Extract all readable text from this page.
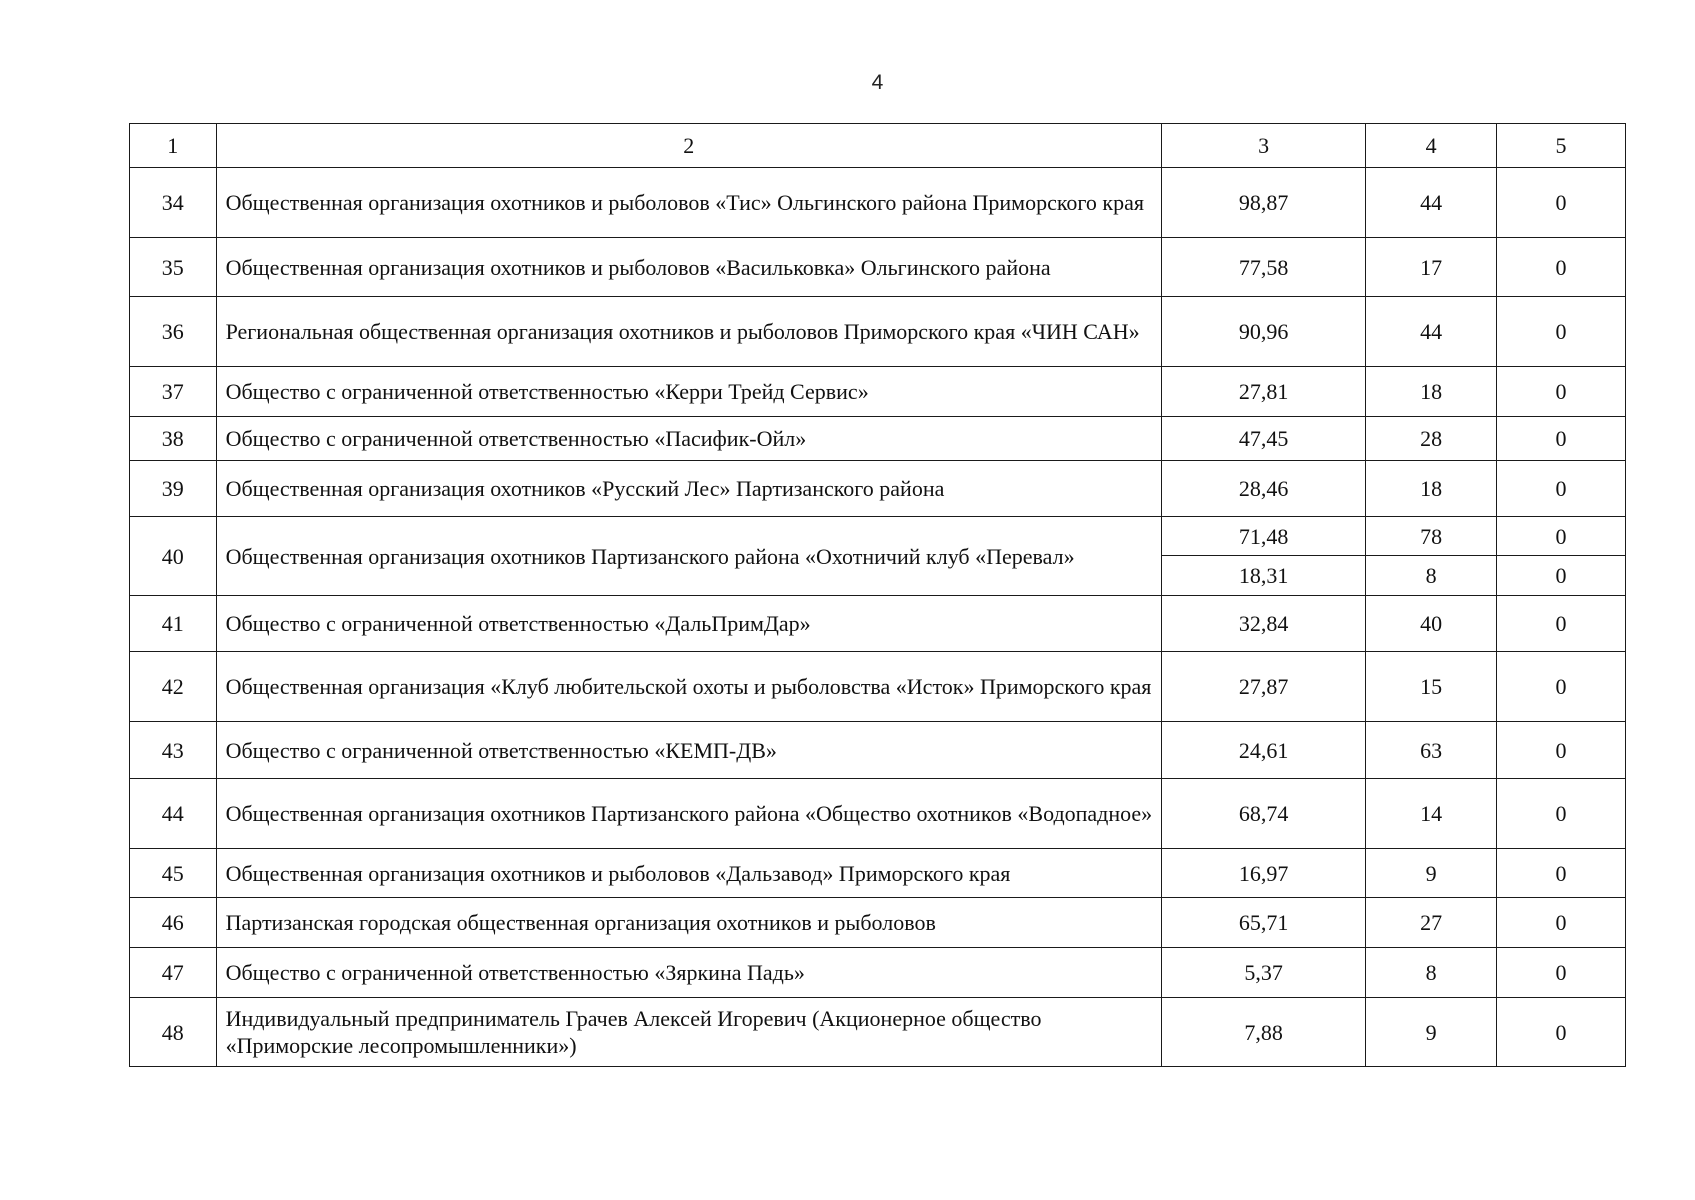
4
1	2	3	4	5
34	Общественная организация охотников и рыболовов «Тис» Ольгинского района Приморского края	98,87	44	0
35	Общественная организация охотников и рыболовов «Васильковка» Ольгинского района	77,58	17	0
36	Региональная общественная организация охотников и рыболовов Приморского края «ЧИН САН»	90,96	44	0
37	Общество с ограниченной ответственностью «Керри Трейд Сервис»	27,81	18	0
38	Общество с ограниченной ответственностью «Пасифик-Ойл»	47,45	28	0
39	Общественная организация охотников «Русский Лес» Партизанского района	28,46	18	0
40	Общественная организация охотников Партизанского района «Охотничий клуб «Перевал»	71,48	78	0
		18,31	8	0
41	Общество с ограниченной ответственностью «ДальПримДар»	32,84	40	0
42	Общественная организация «Клуб любительской охоты и рыболовства «Исток» Приморского края	27,87	15	0
43	Общество с ограниченной ответственностью «КЕМП-ДВ»	24,61	63	0
44	Общественная организация охотников Партизанского района «Общество охотников «Водопадное»	68,74	14	0
45	Общественная организация охотников и рыболовов «Дальзавод» Приморского края	16,97	9	0
46	Партизанская городская общественная организация охотников и рыболовов	65,71	27	0
47	Общество с ограниченной ответственностью «Зяркина Падь»	5,37	8	0
48	Индивидуальный предприниматель Грачев Алексей Игоревич (Акционерное общество «Приморские лесопромышленники»)	7,88	9	0
